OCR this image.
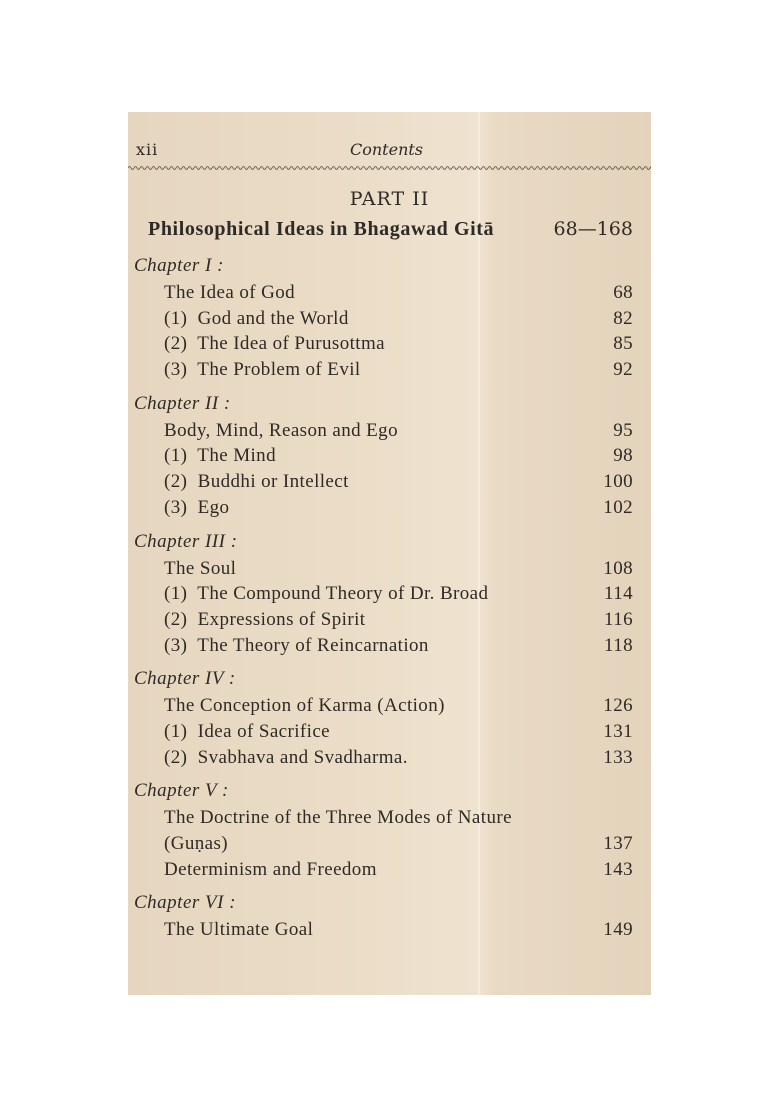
xii	Contents
PART II
Philosophical Ideas in Bhagawad Gitā	68—168
Chapter I :
The Idea of God	68
(1)  God and the World	82
(2)  The Idea of Purusottma	85
(3)  The Problem of Evil	92
Chapter II :
Body, Mind, Reason and Ego	95
(1)  The Mind	98
(2)  Buddhi or Intellect	100
(3)  Ego	102
Chapter III :
The Soul	108
(1)  The Compound Theory of Dr. Broad	114
(2)  Expressions of Spirit	116
(3)  The Theory of Reincarnation	118
Chapter IV :
The Conception of Karma (Action)	126
(1)  Idea of Sacrifice	131
(2)  Svabhava and Svadharma.	133
Chapter V :
The Doctrine of the Three Modes of Nature
(Guṇas)	137
Determinism and Freedom	143
Chapter VI :
The Ultimate Goal	149
